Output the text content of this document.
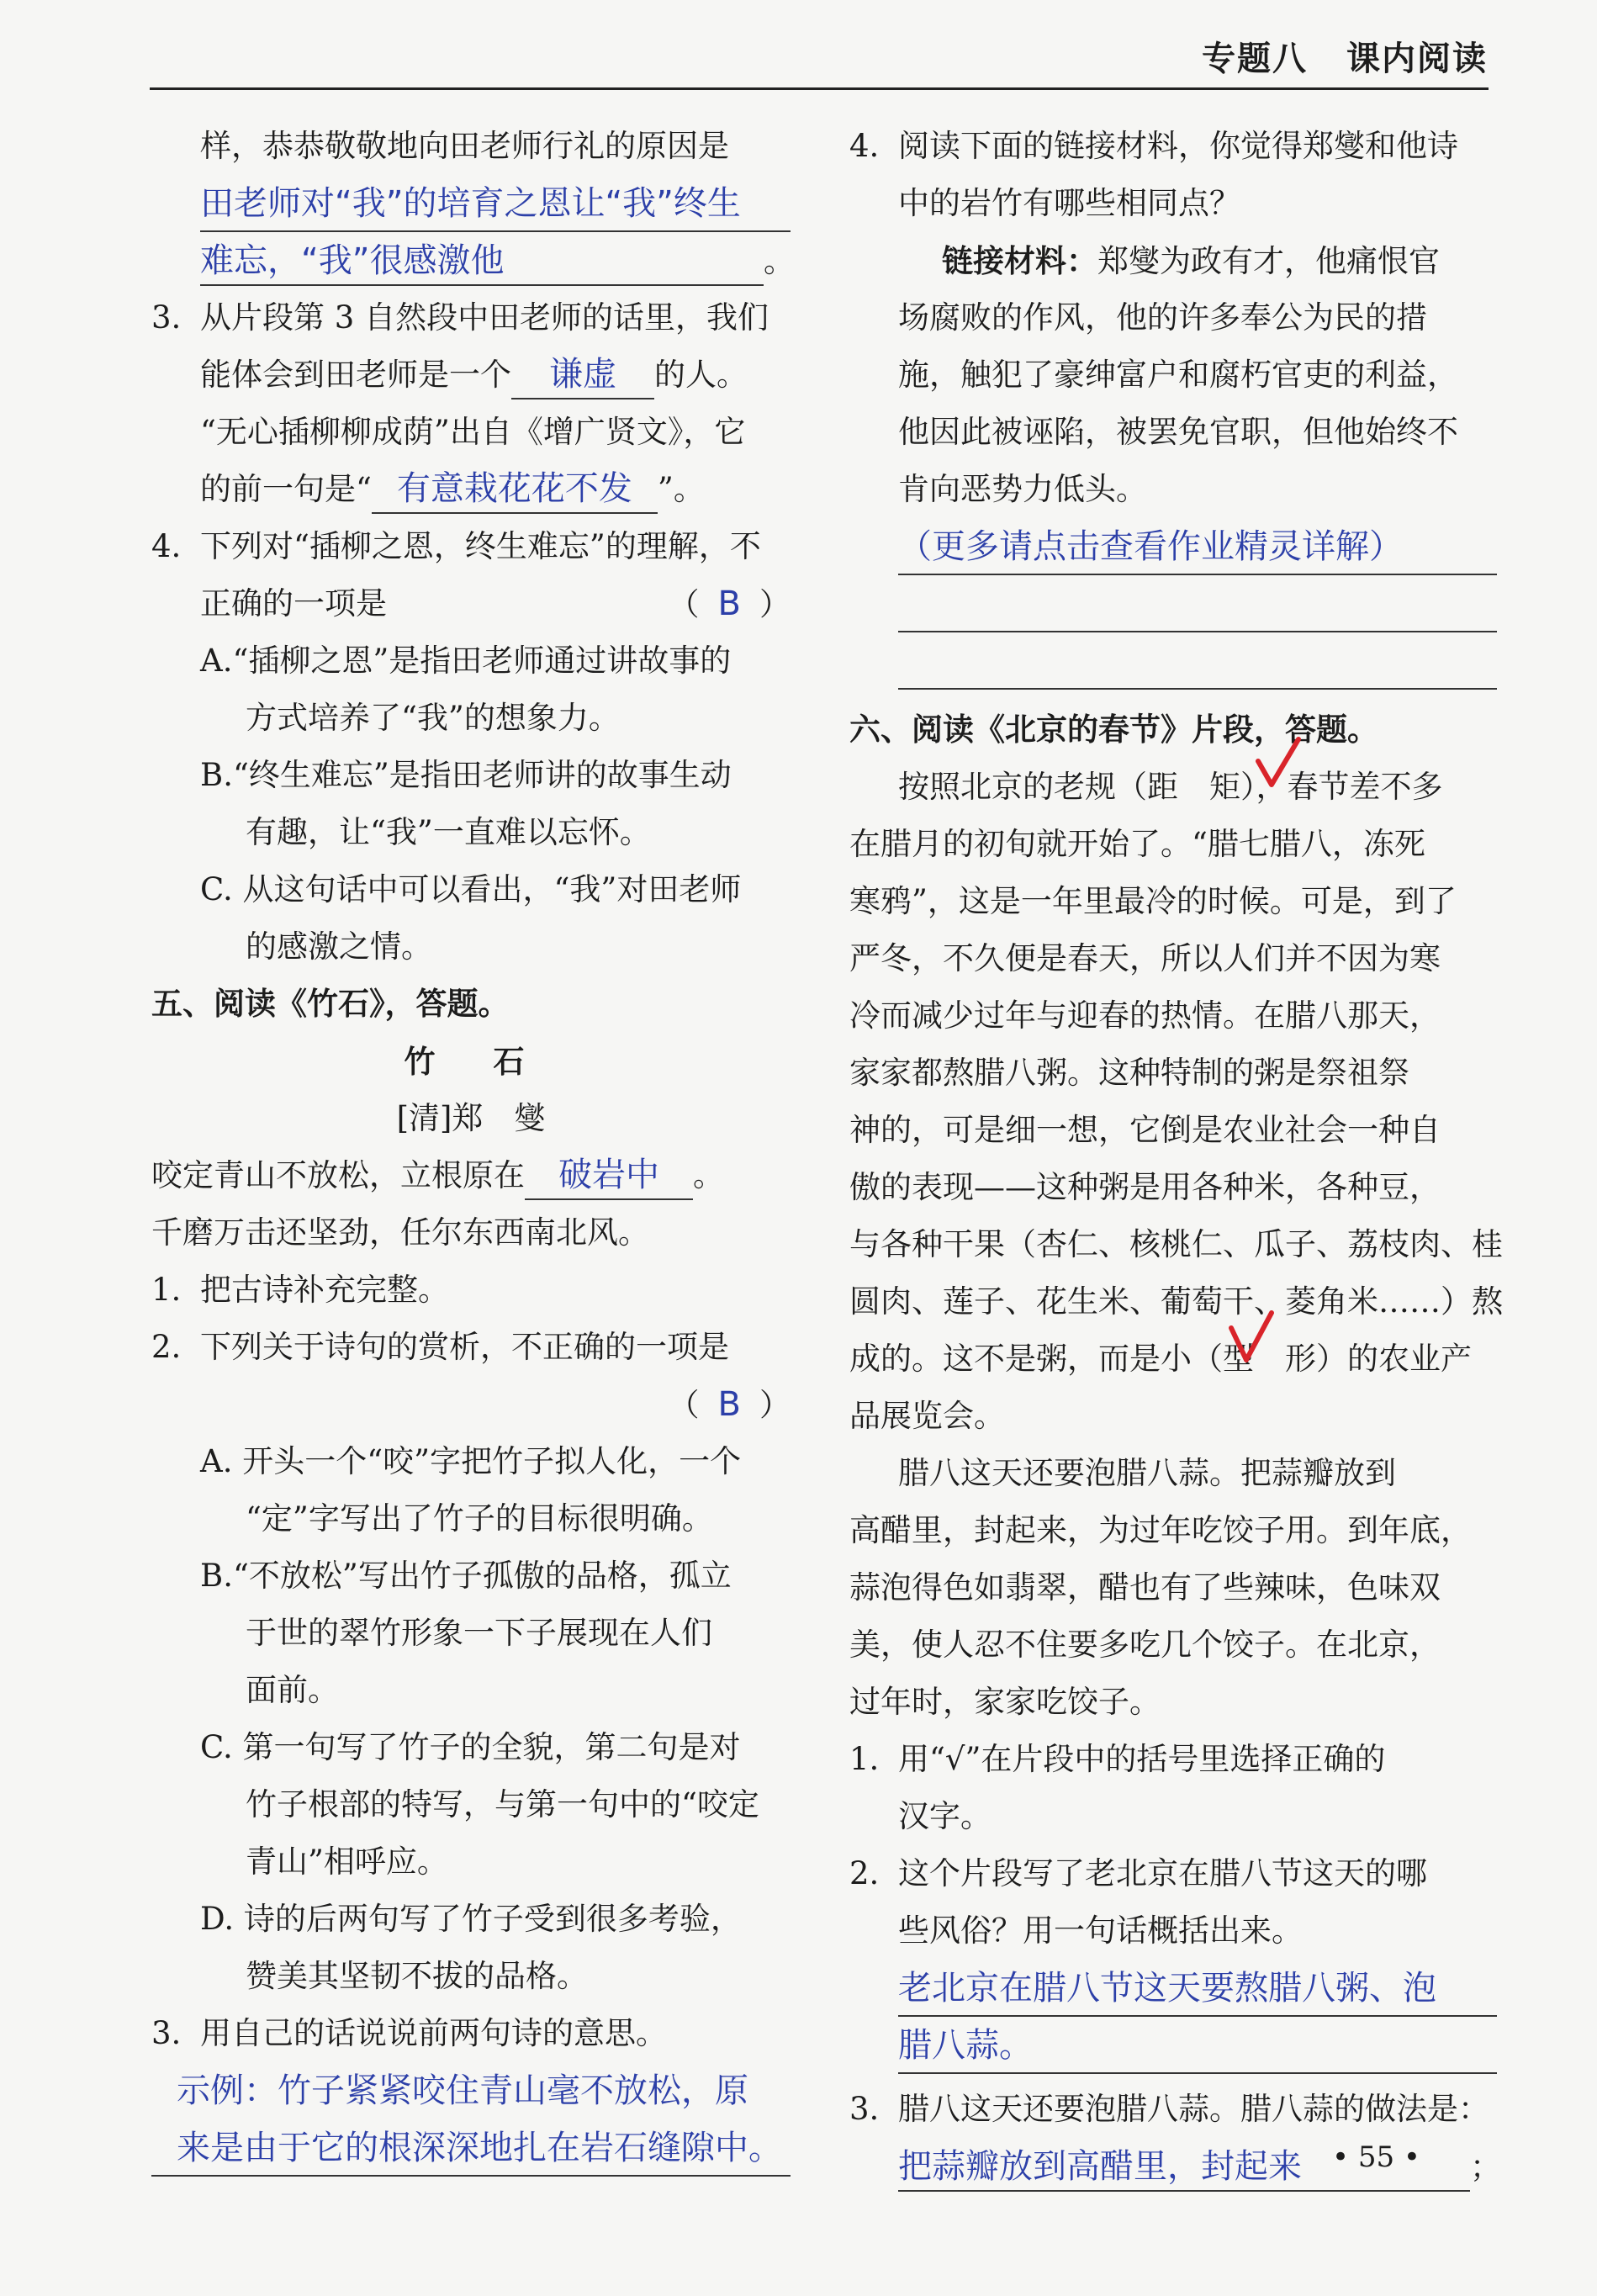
专题八 课内阅读
样，恭恭敬敬地向田老师行礼的原因是
田老师对“我”的培育之恩让“我”终生
难忘，“我”很感激他	。
3. 从片段第 3 自然段中田老师的话里，我们
能体会到田老师是一个 谦虚 的人。
“无心插柳柳成荫”出自《增广贤文》，它
的前一句是“ 有意栽花花不发 ”。
4. 下列对“插柳之恩，终生难忘”的理解，不
正确的一项是	（ B ）
A.“插柳之恩”是指田老师通过讲故事的
方式培养了“我”的想象力。
B.“终生难忘”是指田老师讲的故事生动
有趣，让“我”一直难以忘怀。
C. 从这句话中可以看出，“我”对田老师
的感激之情。
五、阅读《竹石》，答题。
竹　石
[清]郑　燮
咬定青山不放松，立根原在 破岩中 。
千磨万击还坚劲，任尔东西南北风。
1. 把古诗补充完整。
2. 下列关于诗句的赏析，不正确的一项是
（ B ）
A. 开头一个“咬”字把竹子拟人化，一个
“定”字写出了竹子的目标很明确。
B.“不放松”写出竹子孤傲的品格，孤立
于世的翠竹形象一下子展现在人们
面前。
C. 第一句写了竹子的全貌，第二句是对
竹子根部的特写，与第一句中的“咬定
青山”相呼应。
D. 诗的后两句写了竹子受到很多考验，
赞美其坚韧不拔的品格。
3. 用自己的话说说前两句诗的意思。
示例：竹子紧紧咬住青山毫不放松，原
来是由于它的根深深地扎在岩石缝隙中。
4. 阅读下面的链接材料，你觉得郑燮和他诗
中的岩竹有哪些相同点？
链接材料：郑燮为政有才，他痛恨官
场腐败的作风，他的许多奉公为民的措
施，触犯了豪绅富户和腐朽官吏的利益，
他因此被诬陷，被罢免官职，但他始终不
肯向恶势力低头。
（更多请点击查看作业精灵详解）
六、阅读《北京的春节》片段，答题。
按照北京的老规（距　矩），春节差不多
在腊月的初旬就开始了。“腊七腊八，冻死
寒鸦”，这是一年里最冷的时候。可是，到了
严冬，不久便是春天，所以人们并不因为寒
冷而减少过年与迎春的热情。在腊八那天，
家家都熬腊八粥。这种特制的粥是祭祖祭
神的，可是细一想，它倒是农业社会一种自
傲的表现——这种粥是用各种米，各种豆，
与各种干果（杏仁、核桃仁、瓜子、荔枝肉、桂
圆肉、莲子、花生米、葡萄干、菱角米……）熬
成的。这不是粥，而是小（型　形）的农业产
品展览会。
腊八这天还要泡腊八蒜。把蒜瓣放到
高醋里，封起来，为过年吃饺子用。到年底，
蒜泡得色如翡翠，醋也有了些辣味，色味双
美，使人忍不住要多吃几个饺子。在北京，
过年时，家家吃饺子。
1. 用“√”在片段中的括号里选择正确的
汉字。
2. 这个片段写了老北京在腊八节这天的哪
些风俗？用一句话概括出来。
老北京在腊八节这天要熬腊八粥、泡
腊八蒜。
3. 腊八这天还要泡腊八蒜。腊八蒜的做法是：
把蒜瓣放到高醋里，封起来	；
• 55 •
